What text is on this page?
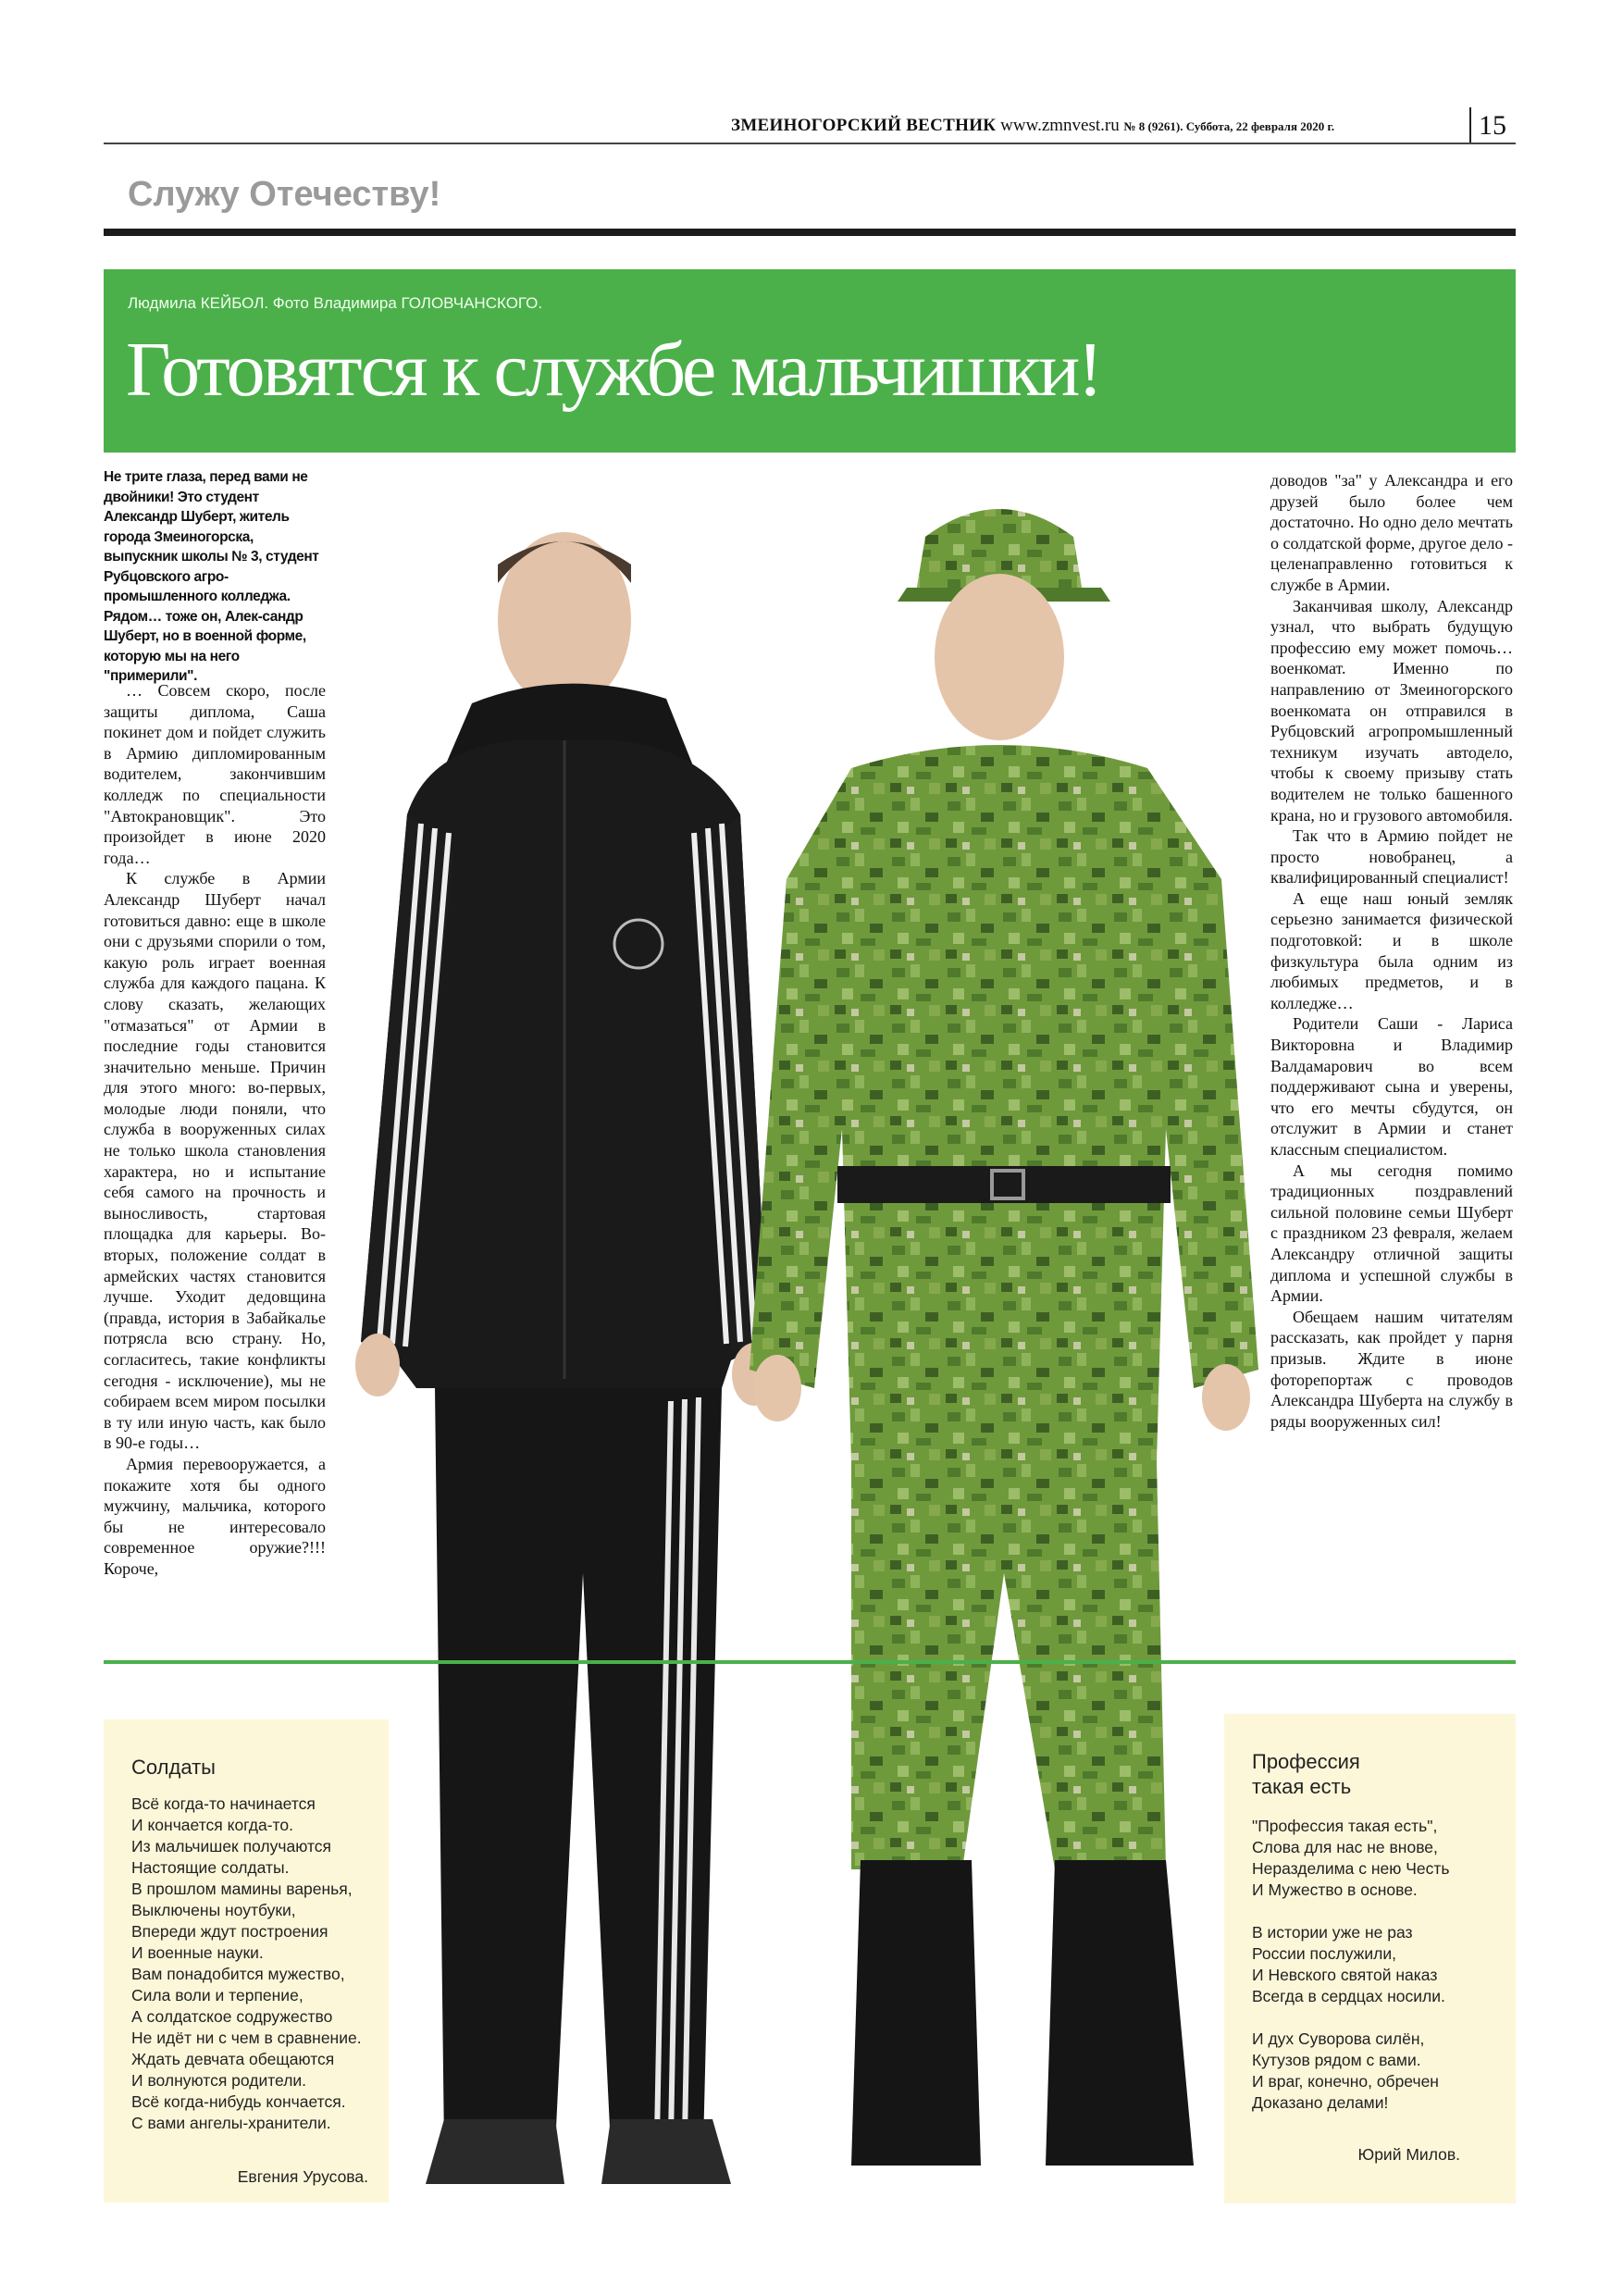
ЗМЕИНОГОРСКИЙ ВЕСТНИК www.zmnvest.ru № 8 (9261). Суббота, 22 февраля 2020 г.	15
Служу Отечеству!
Людмила КЕЙБОЛ. Фото Владимира ГОЛОВЧАНСКОГО.
Готовятся к службе мальчишки!
Не трите глаза, перед вами не двойники! Это студент Александр Шуберт, житель города Змеиногорска, выпускник школы № 3, студент Рубцовского агро-промышленного колледжа. Рядом… тоже он, Алек-сандр Шуберт, но в военной форме, которую мы на него "примерили".

… Совсем скоро, после защиты диплома, Саша покинет дом и пойдет служить в Армию дипломированным водителем, закончившим колледж по специальности "Автокрановщик". Это произойдет в июне 2020 года…

К службе в Армии Александр Шуберт начал готовиться давно: еще в школе они с друзьями спорили о том, какую роль играет военная служба для каждого пацана. К слову сказать, желающих "отмазаться" от Армии в последние годы становится значительно меньше. Причин для этого много: во-первых, молодые люди поняли, что служба в вооруженных силах не только школа становления характера, но и испытание себя самого на прочность и выносливость, стартовая площадка для карьеры. Во-вторых, положение солдат в армейских частях становится лучше. Уходит дедовщина (правда, история в Забайкалье потрясла всю страну. Но, согласитесь, такие конфликты сегодня - исключение), мы не собираем всем миром посылки в ту или иную часть, как было в 90-е годы…

Армия перевооружается, а покажите хотя бы одного мужчину, мальчика, которого бы не интересовало современное оружие?!!! Короче,

доводов "за" у Александра и его друзей было более чем достаточно. Но одно дело мечтать о солдатской форме, другое дело - целенаправленно готовиться к службе в Армии.

Заканчивая школу, Александр узнал, что выбрать будущую профессию ему может помочь… военкомат. Именно по направлению от Змеиногорского военкомата он отправился в Рубцовский агропромышленный техникум изучать автодело, чтобы к своему призыву стать водителем не только башенного крана, но и грузового автомобиля.

Так что в Армию пойдет не просто новобранец, а квалифицированный специалист!

А еще наш юный земляк серьезно занимается физической подготовкой: и в школе физкультура была одним из любимых предметов, и в колледже…

Родители Саши - Лариса Викторовна и Владимир Валдамарович во всем поддерживают сына и уверены, что его мечты сбудутся, он отслужит в Армии и станет классным специалистом.

А мы сегодня помимо традиционных поздравлений сильной половине семьи Шуберт с праздником 23 февраля, желаем Александру отличной защиты диплома и успешной службы в Армии.

Обещаем нашим читателям рассказать, как пройдет у парня призыв. Ждите в июне фоторепортаж с проводов Александра Шуберта на службу в ряды вооруженных сил!

Солдаты
Всё когда-то начинается
И кончается когда-то.
Из мальчишек получаются
Настоящие солдаты.
В прошлом мамины варенья,
Выключены ноутбуки,
Впереди ждут построения
И военные науки.
Вам понадобится мужество,
Сила воли и терпение,
А солдатское содружество
Не идёт ни с чем в сравнение.
Ждать девчата обещаются
И волнуются родители.
Всё когда-нибудь кончается.
С вами ангелы-хранители.
Евгения Урусова.
Профессия
такая есть
"Профессия такая есть",
Слова для нас не внове,
Неразделима с нею Честь
И Мужество в основе.
В истории уже не раз
России послужили,
И Невского святой наказ
Всегда в сердцах носили.
И дух Суворова силён,
Кутузов рядом с вами.
И враг, конечно, обречен
Доказано делами!
Юрий Милов.
